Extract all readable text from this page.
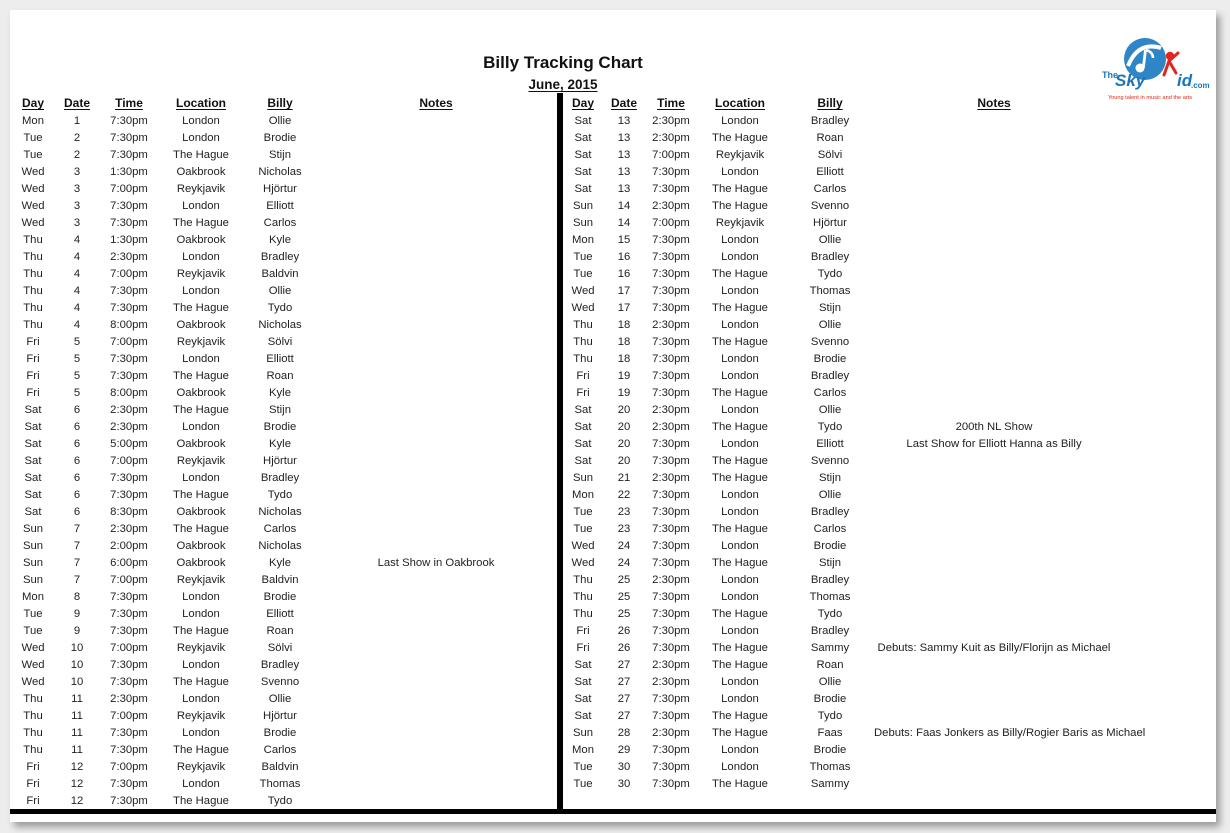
Billy Tracking Chart
June, 2015
The
Sky id
.com
Young talent in music and the arts
Day	Date	Time	Location	Billy	Notes
Mon	1	7:30pm	London	Ollie
Tue	2	7:30pm	London	Brodie
Tue	2	7:30pm	The Hague	Stijn
Wed	3	1:30pm	Oakbrook	Nicholas
Wed	3	7:00pm	Reykjavik	Hjörtur
Wed	3	7:30pm	London	Elliott
Wed	3	7:30pm	The Hague	Carlos
Thu	4	1:30pm	Oakbrook	Kyle
Thu	4	2:30pm	London	Bradley
Thu	4	7:00pm	Reykjavik	Baldvin
Thu	4	7:30pm	London	Ollie
Thu	4	7:30pm	The Hague	Tydo
Thu	4	8:00pm	Oakbrook	Nicholas
Fri	5	7:00pm	Reykjavik	Sölvi
Fri	5	7:30pm	London	Elliott
Fri	5	7:30pm	The Hague	Roan
Fri	5	8:00pm	Oakbrook	Kyle
Sat	6	2:30pm	The Hague	Stijn
Sat	6	2:30pm	London	Brodie
Sat	6	5:00pm	Oakbrook	Kyle
Sat	6	7:00pm	Reykjavik	Hjörtur
Sat	6	7:30pm	London	Bradley
Sat	6	7:30pm	The Hague	Tydo
Sat	6	8:30pm	Oakbrook	Nicholas
Sun	7	2:30pm	The Hague	Carlos
Sun	7	2:00pm	Oakbrook	Nicholas
Sun	7	6:00pm	Oakbrook	Kyle	Last Show in Oakbrook
Sun	7	7:00pm	Reykjavik	Baldvin
Mon	8	7:30pm	London	Brodie
Tue	9	7:30pm	London	Elliott
Tue	9	7:30pm	The Hague	Roan
Wed	10	7:00pm	Reykjavik	Sölvi
Wed	10	7:30pm	London	Bradley
Wed	10	7:30pm	The Hague	Svenno
Thu	11	2:30pm	London	Ollie
Thu	11	7:00pm	Reykjavik	Hjörtur
Thu	11	7:30pm	London	Brodie
Thu	11	7:30pm	The Hague	Carlos
Fri	12	7:00pm	Reykjavik	Baldvin
Fri	12	7:30pm	London	Thomas
Fri	12	7:30pm	The Hague	Tydo
Day	Date	Time	Location	Billy	Notes
Sat	13	2:30pm	London	Bradley
Sat	13	2:30pm	The Hague	Roan
Sat	13	7:00pm	Reykjavik	Sölvi
Sat	13	7:30pm	London	Elliott
Sat	13	7:30pm	The Hague	Carlos
Sun	14	2:30pm	The Hague	Svenno
Sun	14	7:00pm	Reykjavik	Hjörtur
Mon	15	7:30pm	London	Ollie
Tue	16	7:30pm	London	Bradley
Tue	16	7:30pm	The Hague	Tydo
Wed	17	7:30pm	London	Thomas
Wed	17	7:30pm	The Hague	Stijn
Thu	18	2:30pm	London	Ollie
Thu	18	7:30pm	The Hague	Svenno
Thu	18	7:30pm	London	Brodie
Fri	19	7:30pm	London	Bradley
Fri	19	7:30pm	The Hague	Carlos
Sat	20	2:30pm	London	Ollie
Sat	20	2:30pm	The Hague	Tydo	200th NL Show
Sat	20	7:30pm	London	Elliott	Last Show for Elliott Hanna as Billy
Sat	20	7:30pm	The Hague	Svenno
Sun	21	2:30pm	The Hague	Stijn
Mon	22	7:30pm	London	Ollie
Tue	23	7:30pm	London	Bradley
Tue	23	7:30pm	The Hague	Carlos
Wed	24	7:30pm	London	Brodie
Wed	24	7:30pm	The Hague	Stijn
Thu	25	2:30pm	London	Bradley
Thu	25	7:30pm	London	Thomas
Thu	25	7:30pm	The Hague	Tydo
Fri	26	7:30pm	London	Bradley
Fri	26	7:30pm	The Hague	Sammy	Debuts: Sammy Kuit as Billy/Florijn as Michael
Sat	27	2:30pm	The Hague	Roan
Sat	27	2:30pm	London	Ollie
Sat	27	7:30pm	London	Brodie
Sat	27	7:30pm	The Hague	Tydo
Sun	28	2:30pm	The Hague	Faas	Debuts: Faas Jonkers as Billy/Rogier Baris as Michael
Mon	29	7:30pm	London	Brodie
Tue	30	7:30pm	London	Thomas
Tue	30	7:30pm	The Hague	Sammy
